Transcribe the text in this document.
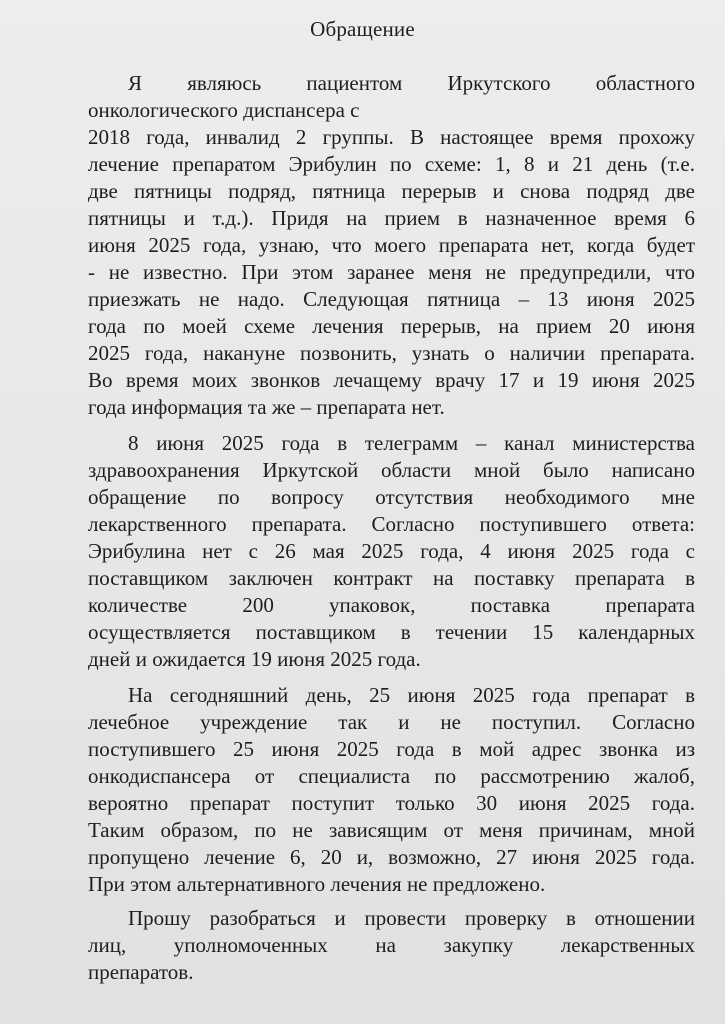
Обращение
Я являюсь пациентом Иркутского областного
онкологического диспансера с
2018 года, инвалид 2 группы. В настоящее время прохожу
лечение препаратом Эрибулин по схеме: 1, 8 и 21 день (т.е.
две пятницы подряд, пятница перерыв и снова подряд две
пятницы и т.д.). Придя на прием в назначенное время 6
июня 2025 года, узнаю, что моего препарата нет, когда будет
- не известно. При этом заранее меня не предупредили, что
приезжать не надо. Следующая пятница – 13 июня 2025
года по моей схеме лечения перерыв, на прием 20 июня
2025 года, накануне позвонить, узнать о наличии препарата.
Во время моих звонков лечащему врачу 17 и 19 июня 2025
года информация та же – препарата нет.
8 июня 2025 года в телеграмм – канал министерства
здравоохранения Иркутской области мной было написано
обращение по вопросу отсутствия необходимого мне
лекарственного препарата. Согласно поступившего ответа:
Эрибулина нет с 26 мая 2025 года, 4 июня 2025 года с
поставщиком заключен контракт на поставку препарата в
количестве 200 упаковок, поставка препарата
осуществляется поставщиком в течении 15 календарных
дней и ожидается 19 июня 2025 года.
На сегодняшний день, 25 июня 2025 года препарат в
лечебное учреждение так и не поступил. Согласно
поступившего 25 июня 2025 года в мой адрес звонка из
онкодиспансера от специалиста по рассмотрению жалоб,
вероятно препарат поступит только 30 июня 2025 года.
Таким образом, по не зависящим от меня причинам, мной
пропущено лечение 6, 20 и, возможно, 27 июня 2025 года.
При этом альтернативного лечения не предложено.
Прошу разобраться и провести проверку в отношении
лиц, уполномоченных на закупку лекарственных
препаратов.
